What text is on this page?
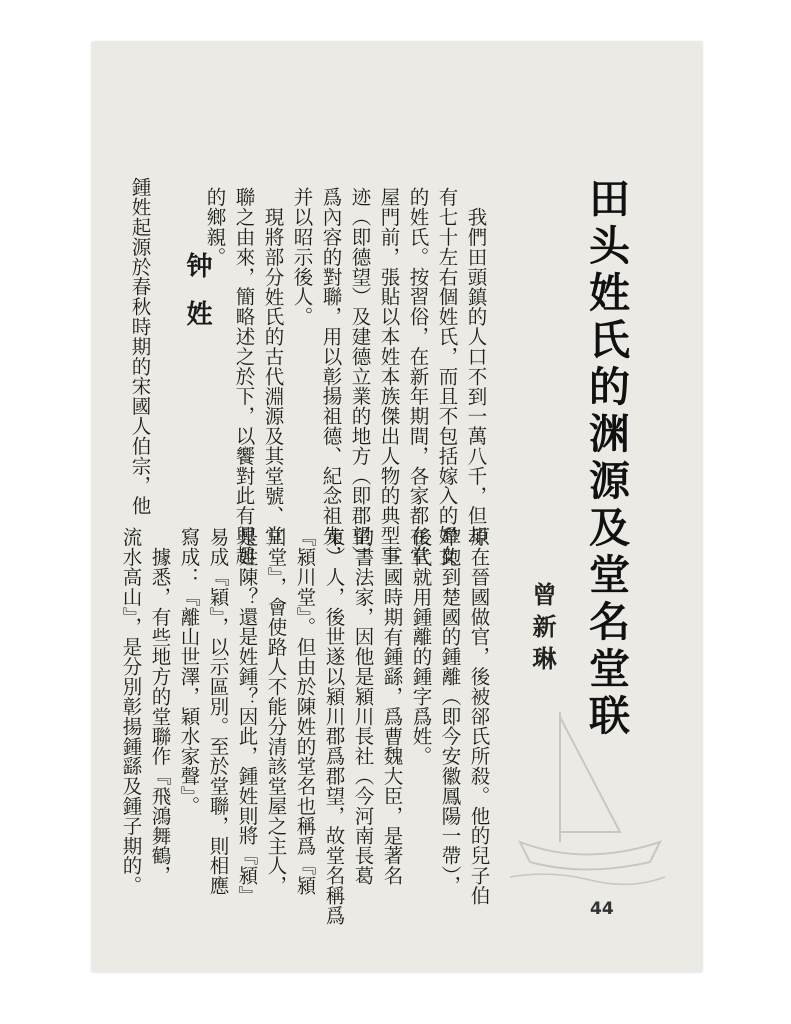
田头姓氏的渊源及堂名堂联
曾新琳
我們田頭鎮的人口不到一萬八千，但却
有七十左右個姓氏，而且不包括嫁入的婦女
的姓氏。按習俗，在新年期間，各家都在堂
屋門前，張貼以本姓本族傑出人物的典型事
迹（即德望）及建德立業的地方（即郡望）
爲內容的對聯，用以彰揚祖德、紀念祖先，
并以昭示後人。
現將部分姓氏的古代淵源及其堂號、堂
聯之由來，簡略述之於下，以饗對此有興趣
的鄉親。
钟姓
鍾姓起源於春秋時期的宋國人伯宗，他
原在晉國做官，後被郤氏所殺。他的兒子伯
犂跑到楚國的鍾離（即今安徽鳳陽一帶），
後代就用鍾離的鍾字爲姓。
三國時期有鍾繇，爲曹魏大臣，是著名
的書法家，因他是潁川長社（今河南長葛
東）人，後世遂以潁川郡爲郡望，故堂名稱爲
『潁川堂』。但由於陳姓的堂名也稱爲『潁
川堂』，會使路人不能分清該堂屋之主人，
是姓陳？還是姓鍾？因此，鍾姓則將『潁』
易成『穎』，以示區別。至於堂聯，則相應
寫成：『離山世澤，穎水家聲』。
據悉，有些地方的堂聯作『飛鴻舞鶴，
流水高山』，是分別彰揚鍾繇及鍾子期的。
44
